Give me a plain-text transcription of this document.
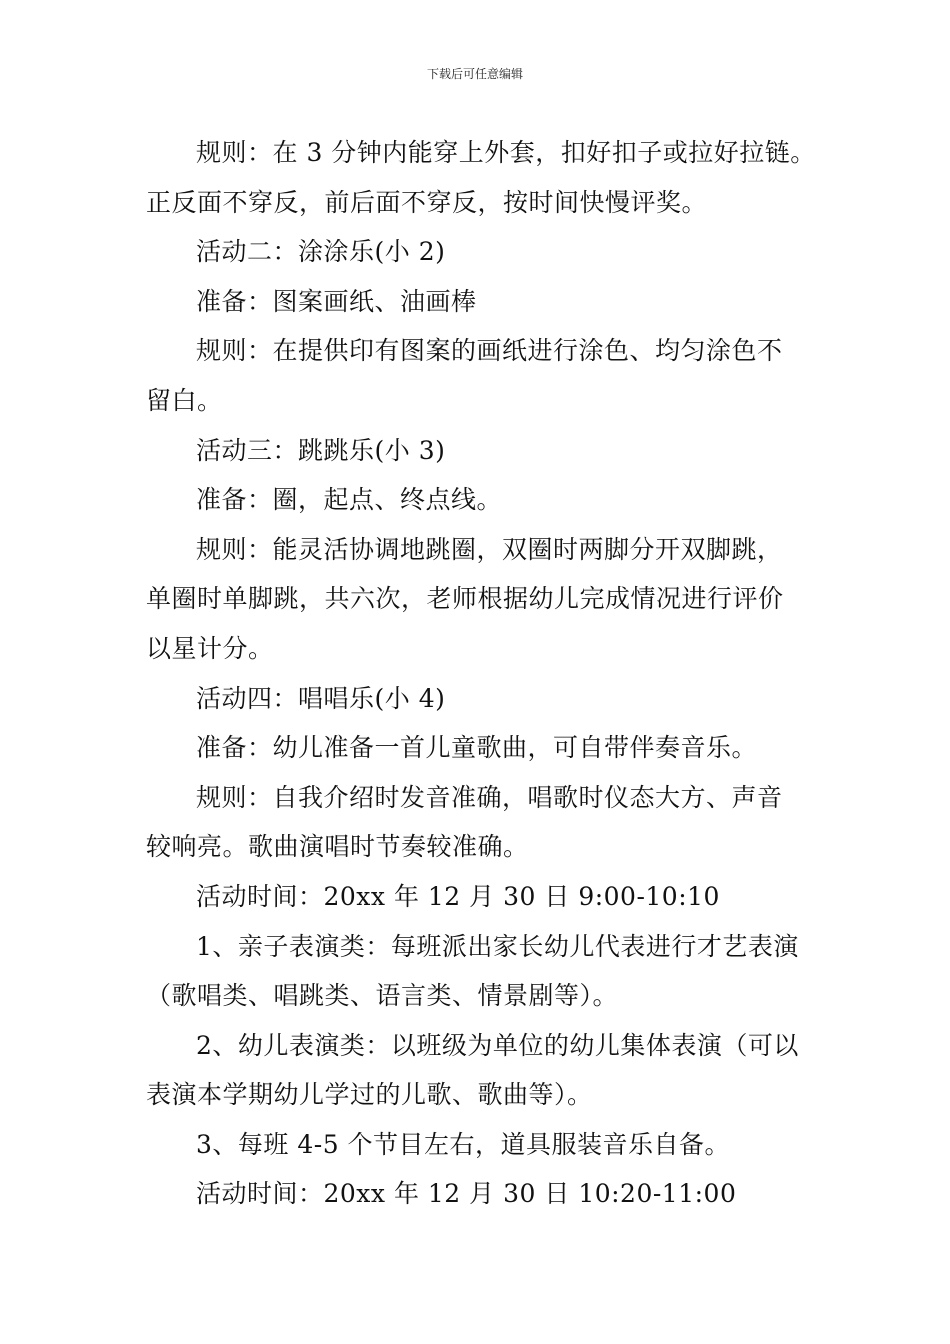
下载后可任意编辑

规则：在 3 分钟内能穿上外套，扣好扣子或拉好拉链。
正反面不穿反，前后面不穿反，按时间快慢评奖。

活动二：涂涂乐(小 2)

准备：图案画纸、油画棒

规则：在提供印有图案的画纸进行涂色、均匀涂色不
留白。

活动三：跳跳乐(小 3)

准备：圈，起点、终点线。

规则：能灵活协调地跳圈，双圈时两脚分开双脚跳，
单圈时单脚跳，共六次，老师根据幼儿完成情况进行评价
以星计分。

活动四：唱唱乐(小 4)

准备：幼儿准备一首儿童歌曲，可自带伴奏音乐。

规则：自我介绍时发音准确，唱歌时仪态大方、声音
较响亮。歌曲演唱时节奏较准确。

活动时间：20xx 年 12 月 30 日 9:00-10:10

1、亲子表演类：每班派出家长幼儿代表进行才艺表演
（歌唱类、唱跳类、语言类、情景剧等）。

2、幼儿表演类：以班级为单位的幼儿集体表演（可以
表演本学期幼儿学过的儿歌、歌曲等）。

3、每班 4-5 个节目左右，道具服装音乐自备。

活动时间：20xx 年 12 月 30 日 10:20-11:00
